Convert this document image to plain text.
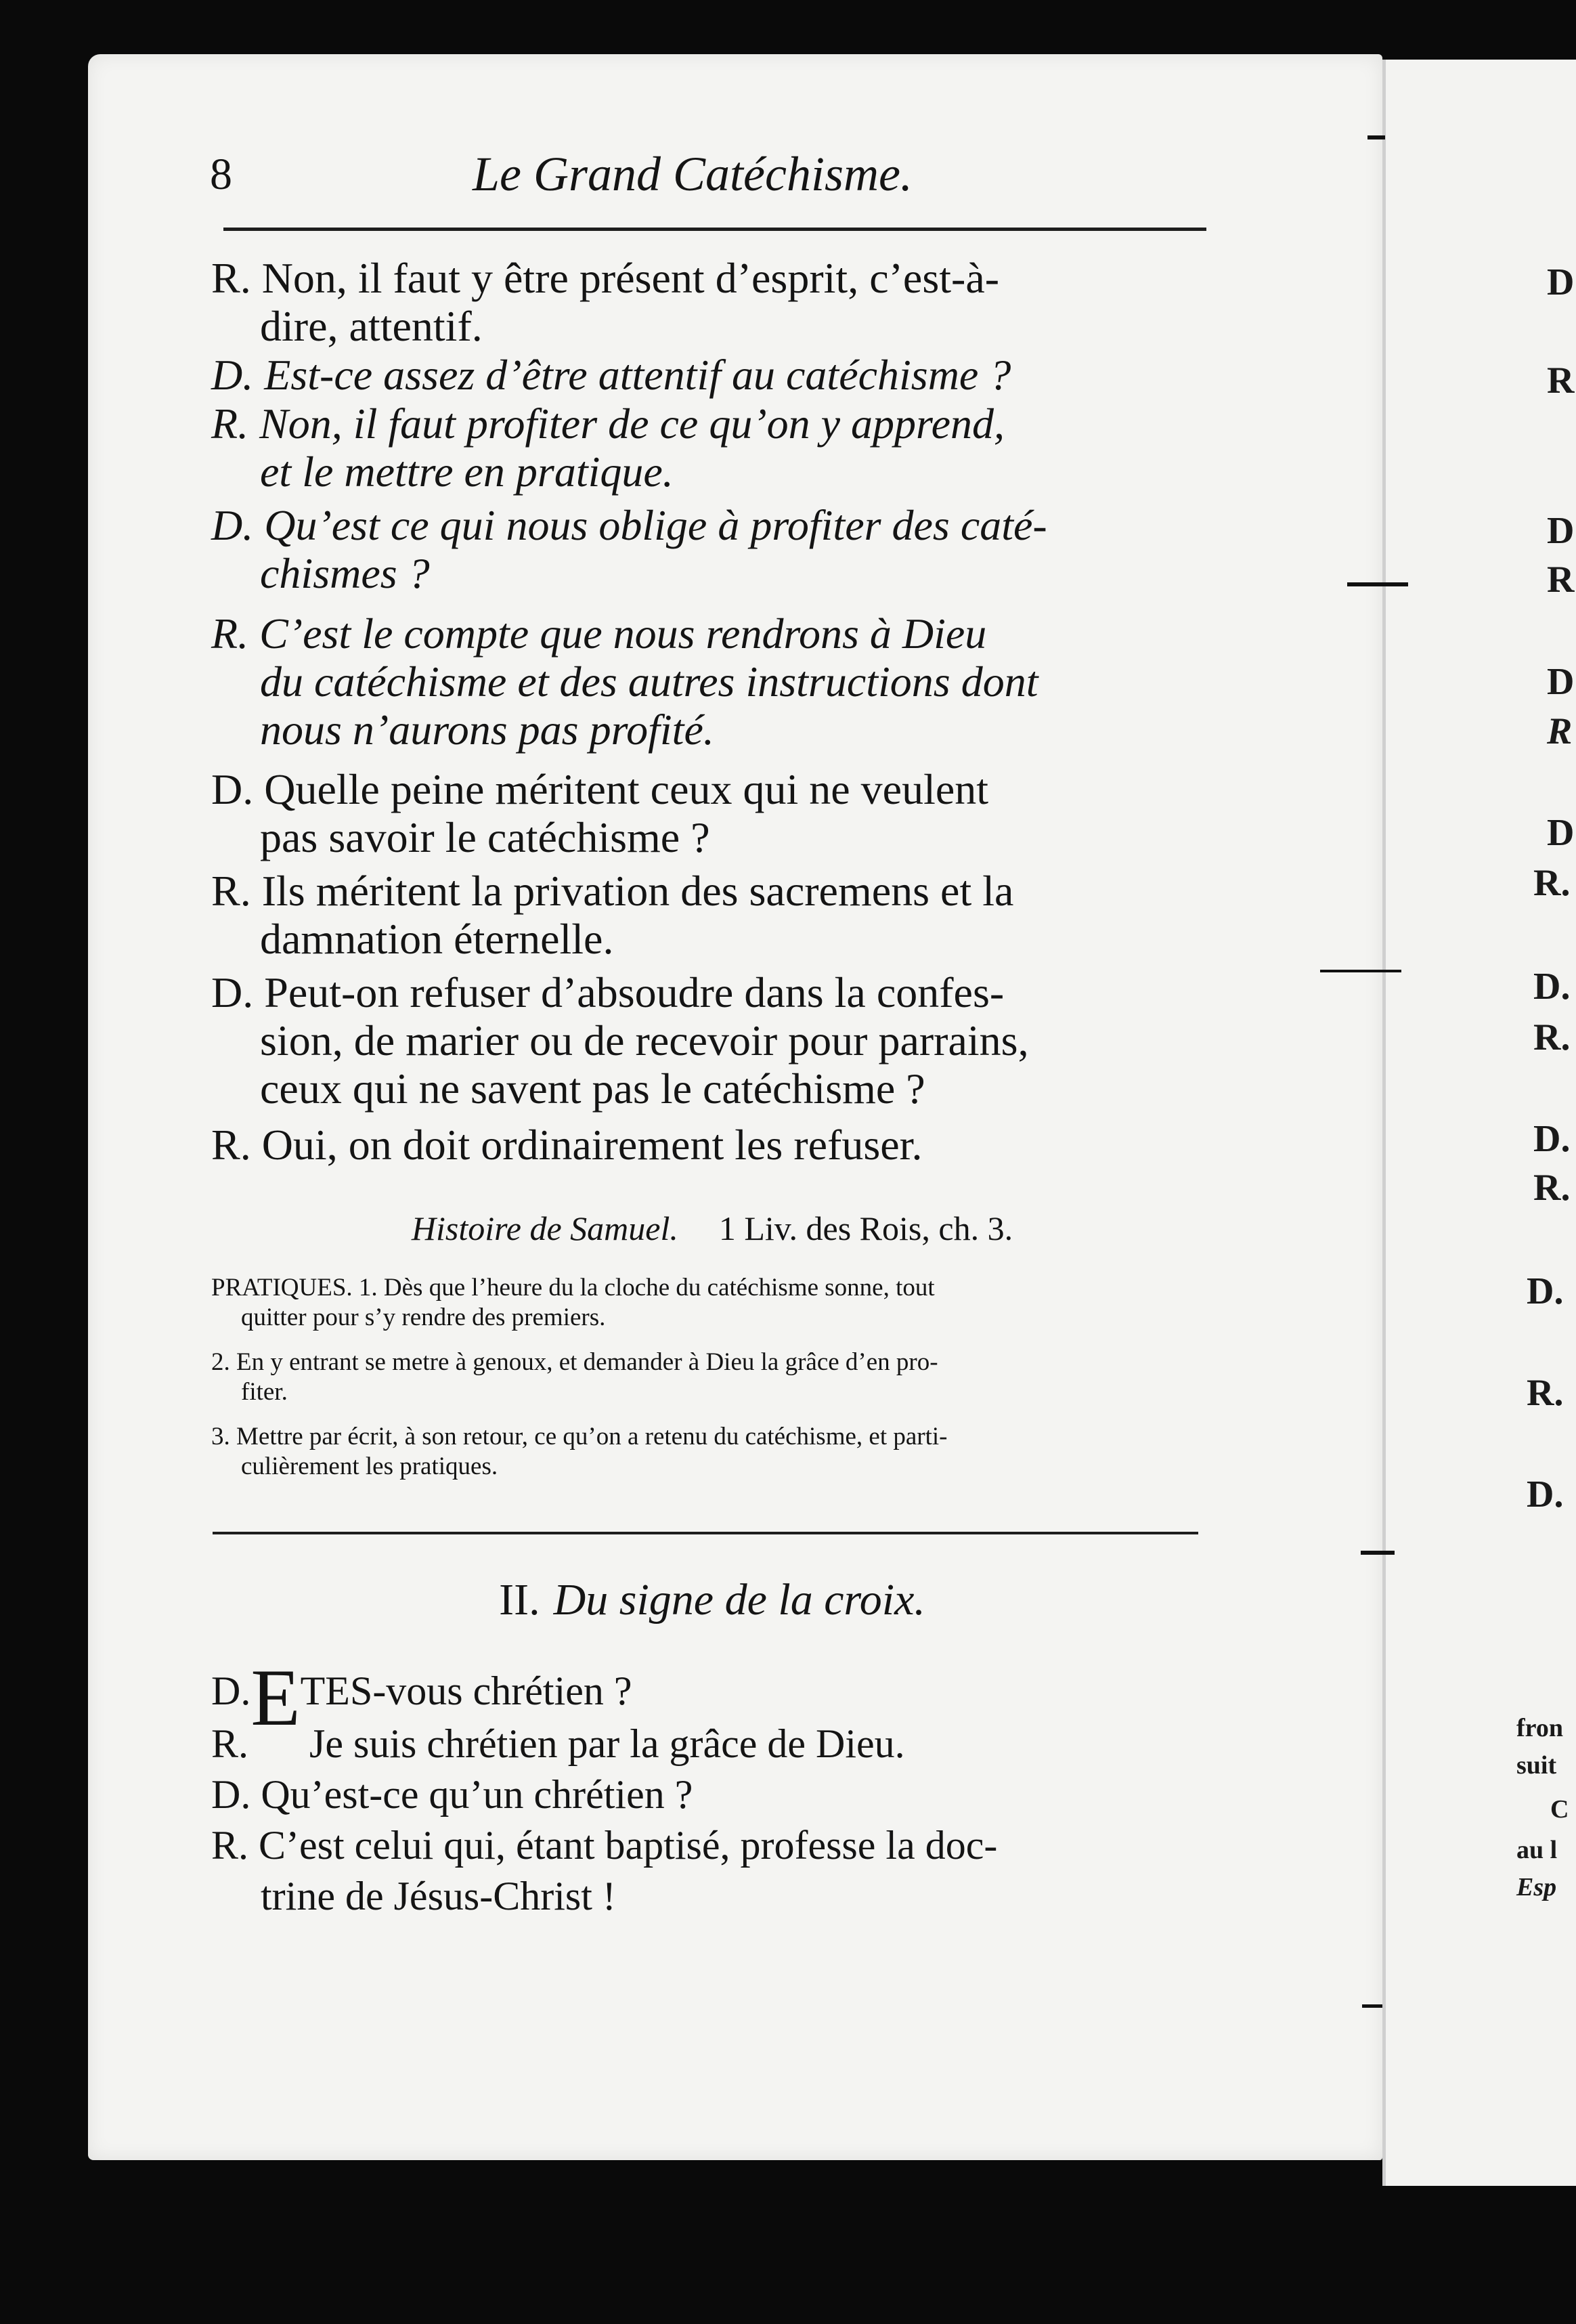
8	Le Grand Catéchisme.
R. Non, il faut y être présent d’esprit, c’est-à-
dire, attentif.
D. Est-ce assez d’être attentif au catéchisme ?
R. Non, il faut profiter de ce qu’on y apprend,
et le mettre en pratique.
D. Qu’est ce qui nous oblige à profiter des caté-
chismes ?
R. C’est le compte que nous rendrons à Dieu
du catéchisme et des autres instructions dont
nous n’aurons pas profité.
D. Quelle peine méritent ceux qui ne veulent
pas savoir le catéchisme ?
R. Ils méritent la privation des sacremens et la
damnation éternelle.
D. Peut-on refuser d’absoudre dans la confes-
sion, de marier ou de recevoir pour parrains,
ceux qui ne savent pas le catéchisme ?
R. Oui, on doit ordinairement les refuser.
Histoire de Samuel. 1 Liv. des Rois, ch. 3.
PRATIQUES. 1. Dès que l’heure du la cloche du catéchisme sonne, tout
quitter pour s’y rendre des premiers.
2. En y entrant se metre à genoux, et demander à Dieu la grâce d’en pro-
fiter.
3. Mettre par écrit, à son retour, ce qu’on a retenu du catéchisme, et parti-
culièrement les pratiques.
II. Du signe de la croix.
D.ETES-vous chrétien ?
R.      Je suis chrétien par la grâce de Dieu.
D. Qu’est-ce qu’un chrétien ?
R. C’est celui qui, étant baptisé, professe la doc-
trine de Jésus-Christ !
D
R
D
R
D
R
D
R.
D.
R.
D.
R.
D.
R.
D.
fron
suit
C
au l
Esp
